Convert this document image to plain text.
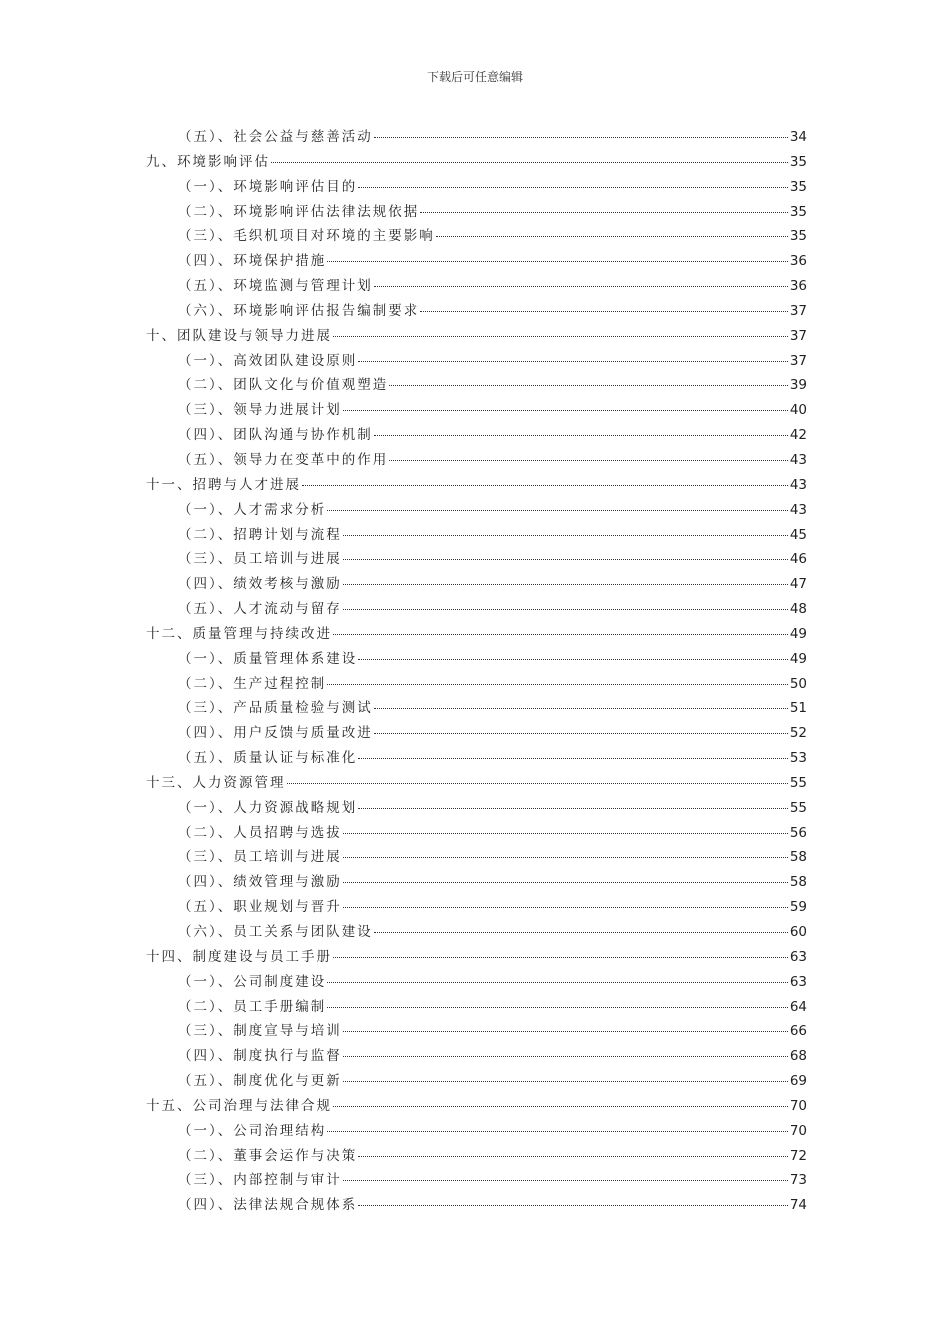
下载后可任意编辑
（五）、社会公益与慈善活动	34
九、环境影响评估	35
（一）、环境影响评估目的	35
（二）、环境影响评估法律法规依据	35
（三）、毛织机项目对环境的主要影响	35
（四）、环境保护措施	36
（五）、环境监测与管理计划	36
（六）、环境影响评估报告编制要求	37
十、团队建设与领导力进展	37
（一）、高效团队建设原则	37
（二）、团队文化与价值观塑造	39
（三）、领导力进展计划	40
（四）、团队沟通与协作机制	42
（五）、领导力在变革中的作用	43
十一、招聘与人才进展	43
（一）、人才需求分析	43
（二）、招聘计划与流程	45
（三）、员工培训与进展	46
（四）、绩效考核与激励	47
（五）、人才流动与留存	48
十二、质量管理与持续改进	49
（一）、质量管理体系建设	49
（二）、生产过程控制	50
（三）、产品质量检验与测试	51
（四）、用户反馈与质量改进	52
（五）、质量认证与标准化	53
十三、人力资源管理	55
（一）、人力资源战略规划	55
（二）、人员招聘与选拔	56
（三）、员工培训与进展	58
（四）、绩效管理与激励	58
（五）、职业规划与晋升	59
（六）、员工关系与团队建设	60
十四、制度建设与员工手册	63
（一）、公司制度建设	63
（二）、员工手册编制	64
（三）、制度宣导与培训	66
（四）、制度执行与监督	68
（五）、制度优化与更新	69
十五、公司治理与法律合规	70
（一）、公司治理结构	70
（二）、董事会运作与决策	72
（三）、内部控制与审计	73
（四）、法律法规合规体系	74
